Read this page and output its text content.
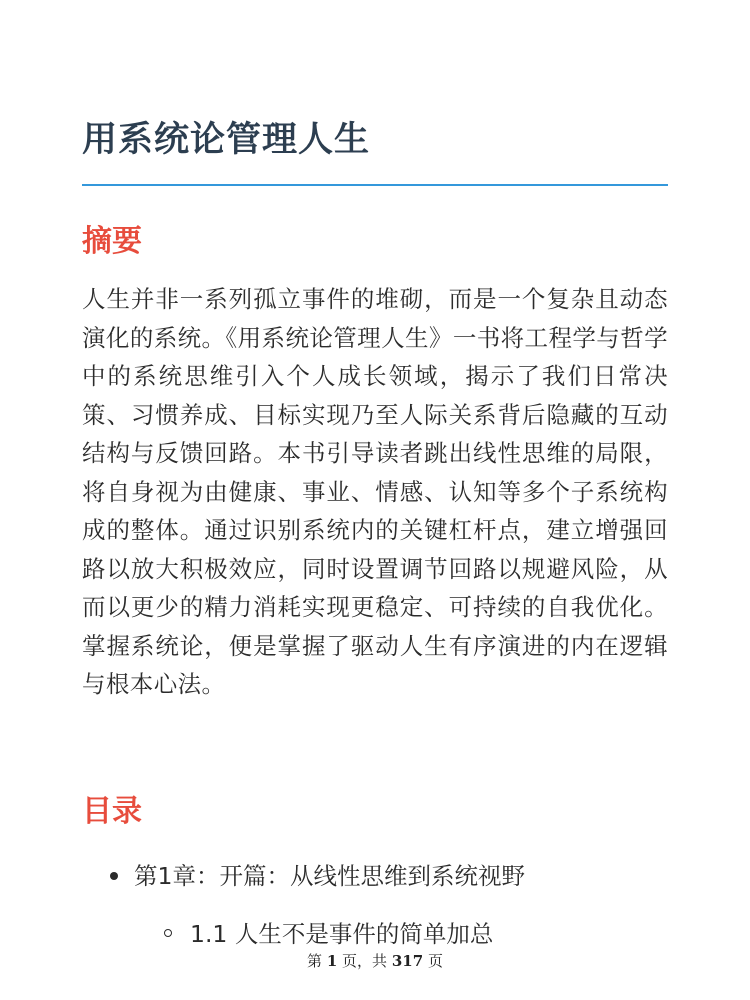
用系统论管理人生
摘要

人生并非一系列孤立事件的堆砌，而是一个复杂且动态演化的系统。《用系统论管理人生》一书将工程学与哲学中的系统思维引入个人成长领域，揭示了我们日常决策、习惯养成、目标实现乃至人际关系背后隐藏的互动结构与反馈回路。本书引导读者跳出线性思维的局限，将自身视为由健康、事业、情感、认知等多个子系统构成的整体。通过识别系统内的关键杠杆点，建立增强回路以放大积极效应，同时设置调节回路以规避风险，从而以更少的精力消耗实现更稳定、可持续的自我优化。掌握系统论，便是掌握了驱动人生有序演进的内在逻辑与根本心法。

目录
第1章：开篇：从线性思维到系统视野
1.1 人生不是事件的简单加总
第 1 页，共 317 页
